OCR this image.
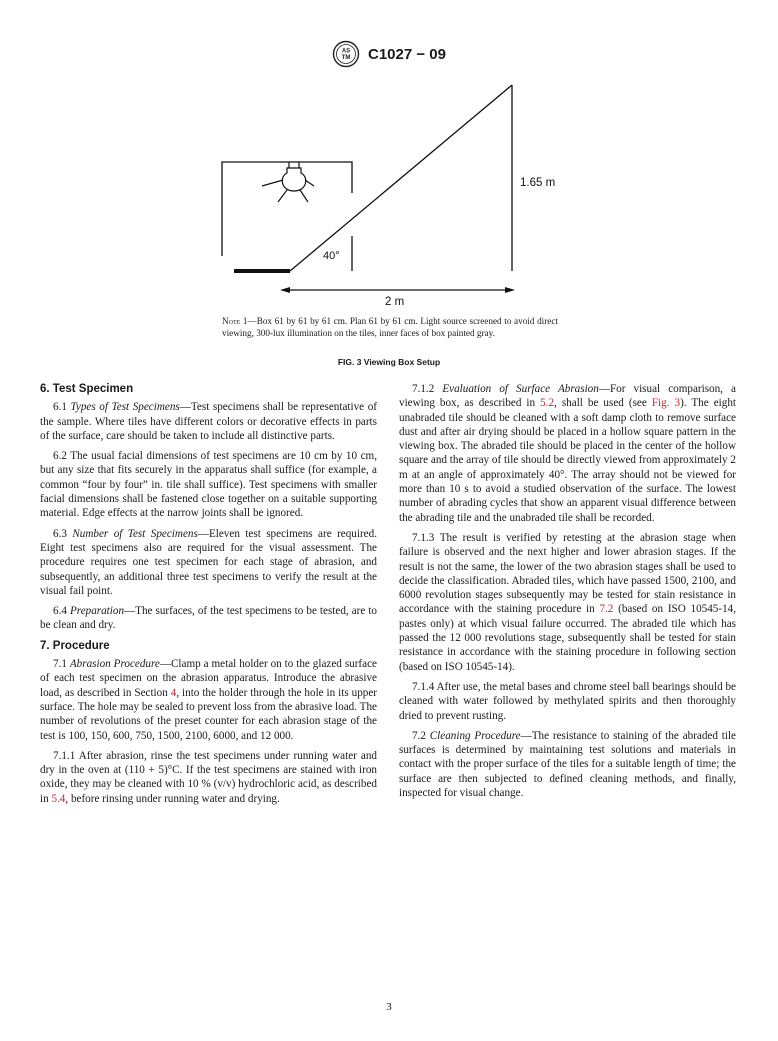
AS
TM C1027 − 09
1.65 m
40°
2 m
Note 1—Box 61 by 61 by 61 cm. Plan 61 by 61 cm. Light source screened to avoid direct viewing, 300-lux illumination on the tiles, inner faces of box painted gray.
FIG. 3 Viewing Box Setup
6. Test Specimen

6.1 Types of Test Specimens—Test specimens shall be representative of the sample. Where tiles have different colors or decorative effects in parts of the surface, care should be taken to include all distinctive parts.

6.2 The usual facial dimensions of test specimens are 10 cm by 10 cm, but any size that fits securely in the apparatus shall suffice (for example, a common “four by four” in. tile shall suffice). Test specimens with smaller facial dimensions shall be fastened close together on a suitable supporting material. Edge effects at the narrow joints shall be ignored.

6.3 Number of Test Specimens—Eleven test specimens are required. Eight test specimens also are required for the visual assessment. The procedure requires one test specimen for each stage of abrasion, and subsequently, an additional three test specimens to verify the result at the visual fail point.

6.4 Preparation—The surfaces, of the test specimens to be tested, are to be clean and dry.

7. Procedure

7.1 Abrasion Procedure—Clamp a metal holder on to the glazed surface of each test specimen on the abrasion apparatus. Introduce the abrasive load, as described in Section 4, into the holder through the hole in its upper surface. The hole may be sealed to prevent loss from the abrasive load. The number of revolutions of the preset counter for each abrasion stage of the test is 100, 150, 600, 750, 1500, 2100, 6000, and 12 000.

7.1.1 After abrasion, rinse the test specimens under running water and dry in the oven at (110 + 5)°C. If the test specimens are stained with iron oxide, they may be cleaned with 10 % (v/v) hydrochloric acid, as described in 5.4, before rinsing under running water and drying.

7.1.2 Evaluation of Surface Abrasion—For visual comparison, a viewing box, as described in 5.2, shall be used (see Fig. 3). The eight unabraded tile should be cleaned with a soft damp cloth to remove surface dust and after air drying should be placed in a hollow square pattern in the viewing box. The abraded tile should be placed in the center of the hollow square and the array of tile should be directly viewed from approximately 2 m at an angle of approximately 40°. The array should not be viewed for more than 10 s to avoid a studied observation of the surface. The lowest number of abrading cycles that show an apparent visual difference between the abrading tile and the unabraded tile shall be recorded.

7.1.3 The result is verified by retesting at the abrasion stage when failure is observed and the next higher and lower abrasion stages. If the result is not the same, the lower of the two abrasion stages shall be used to decide the classification. Abraded tiles, which have passed 1500, 2100, and 6000 revolution stages subsequently may be tested for stain resistance in accordance with the staining procedure in 7.2 (based on ISO 10545-14, pastes only) at which visual failure occurred. The abraded tile which has passed the 12 000 revolutions stage, subsequently shall be tested for stain resistance in accordance with the staining procedure in following section (based on ISO 10545-14).

7.1.4 After use, the metal bases and chrome steel ball bearings should be cleaned with water followed by methylated spirits and then thoroughly dried to prevent rusting.

7.2 Cleaning Procedure—The resistance to staining of the abraded tile surfaces is determined by maintaining test solutions and materials in contact with the proper surface of the tiles for a suitable length of time; the surface are then subjected to defined cleaning methods, and finally, inspected for visual change.

3
